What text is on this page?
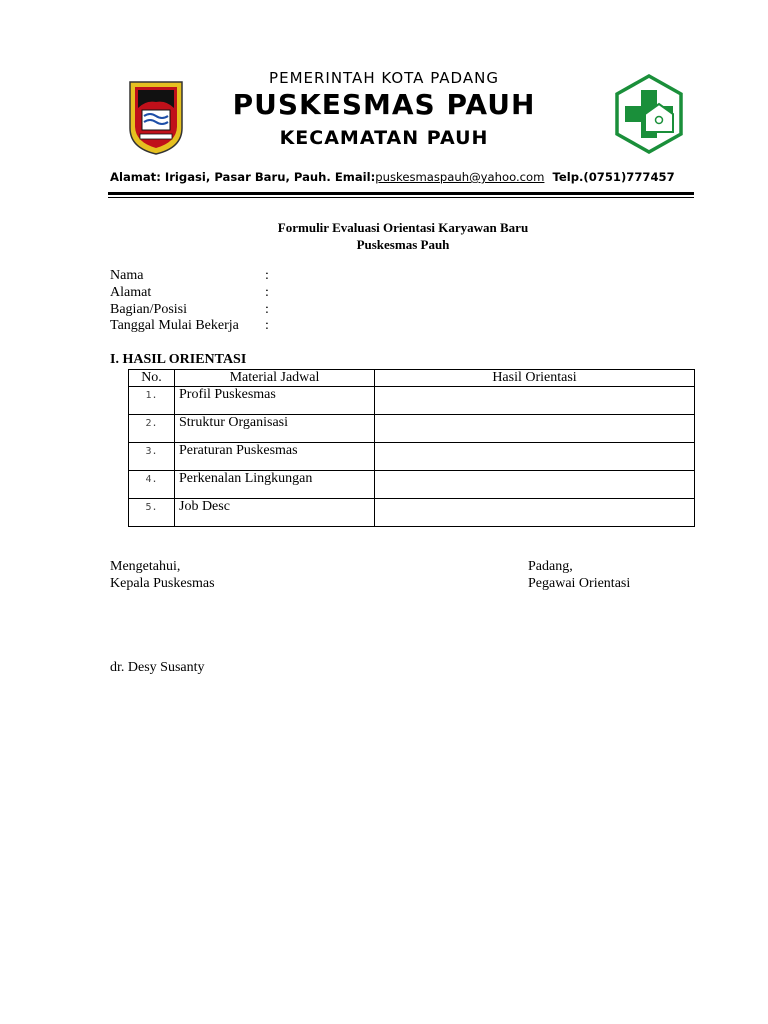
PEMERINTAH KOTA PADANG
PUSKESMAS PAUH
KECAMATAN PAUH
Alamat: Irigasi, Pasar Baru, Pauh. Email:puskesmaspauh@yahoo.com Telp.(0751)777457
Formulir Evaluasi Orientasi Karyawan Baru
Puskesmas Pauh
Nama	:
Alamat	:
Bagian/Posisi	:
Tanggal Mulai Bekerja :
I. HASIL ORIENTASI
No.	Material Jadwal	Hasil Orientasi
1.	Profil Puskesmas	
2.	Struktur Organisasi	
3.	Peraturan Puskesmas	
4.	Perkenalan Lingkungan	
5.	Job Desc	
Mengetahui,
Kepala Puskesmas
Padang,
Pegawai Orientasi
dr. Desy Susanty
